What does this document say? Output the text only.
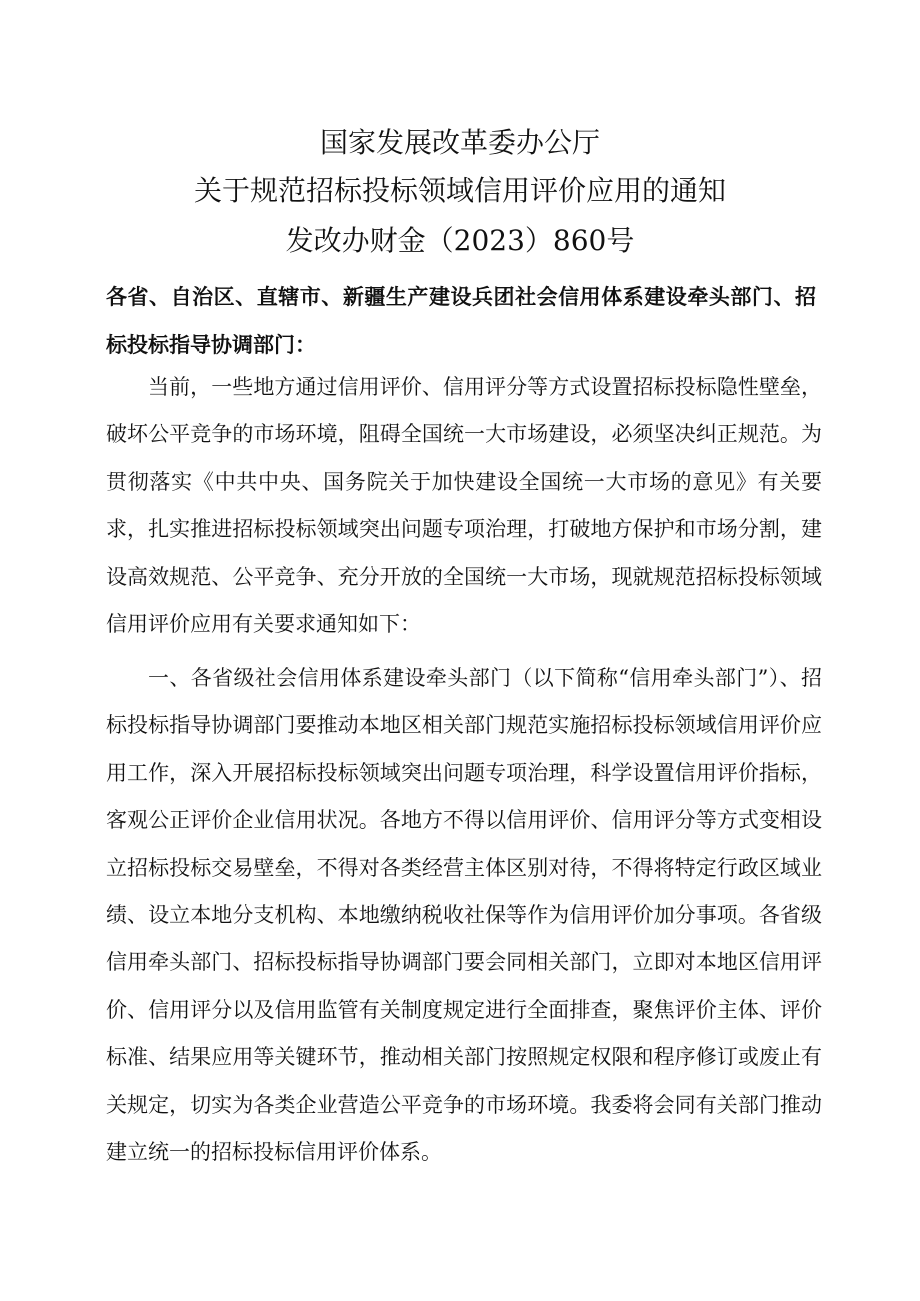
国家发展改革委办公厅
关于规范招标投标领域信用评价应用的通知
发改办财金（2023）860号
各省、自治区、直辖市、新疆生产建设兵团社会信用体系建设牵头部门、招标投标指导协调部门：
当前，一些地方通过信用评价、信用评分等方式设置招标投标隐性壁垒，破坏公平竞争的市场环境，阻碍全国统一大市场建设，必须坚决纠正规范。为贯彻落实《中共中央、国务院关于加快建设全国统一大市场的意见》有关要求，扎实推进招标投标领域突出问题专项治理，打破地方保护和市场分割，建设高效规范、公平竞争、充分开放的全国统一大市场，现就规范招标投标领域信用评价应用有关要求通知如下：
一、各省级社会信用体系建设牵头部门（以下简称“信用牵头部门”）、招标投标指导协调部门要推动本地区相关部门规范实施招标投标领域信用评价应用工作，深入开展招标投标领域突出问题专项治理，科学设置信用评价指标，客观公正评价企业信用状况。各地方不得以信用评价、信用评分等方式变相设立招标投标交易壁垒，不得对各类经营主体区别对待，不得将特定行政区域业绩、设立本地分支机构、本地缴纳税收社保等作为信用评价加分事项。各省级信用牵头部门、招标投标指导协调部门要会同相关部门，立即对本地区信用评价、信用评分以及信用监管有关制度规定进行全面排查，聚焦评价主体、评价标准、结果应用等关键环节，推动相关部门按照规定权限和程序修订或废止有关规定，切实为各类企业营造公平竞争的市场环境。我委将会同有关部门推动建立统一的招标投标信用评价体系。
